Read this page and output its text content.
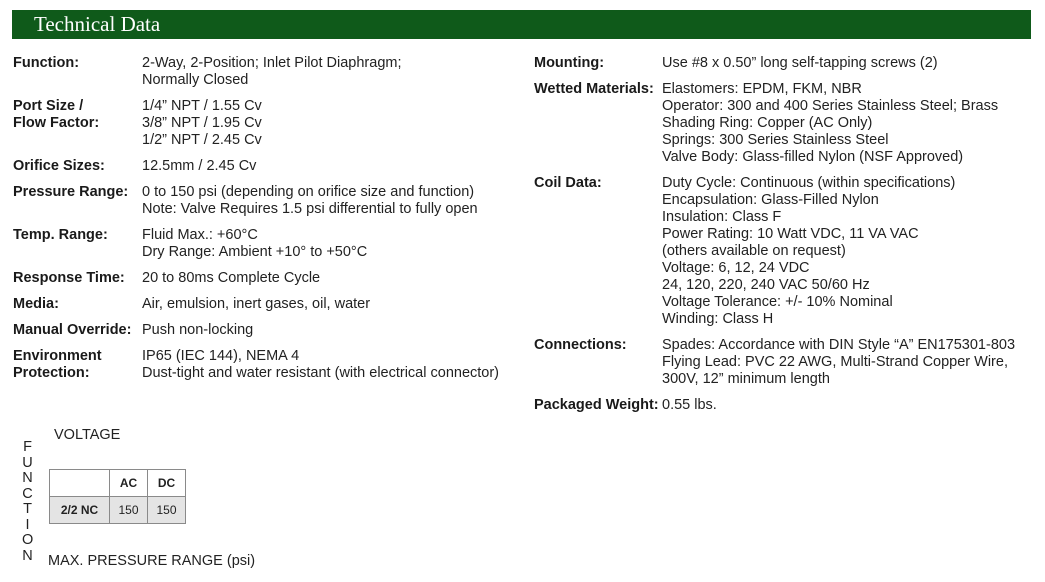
Technical Data
Function:	2-Way, 2-Position; Inlet Pilot Diaphragm;
Normally Closed
Port Size /
Flow Factor:
1/4” NPT / 1.55 Cv
3/8” NPT / 1.95 Cv
1/2” NPT / 2.45 Cv
Orifice Sizes:	12.5mm / 2.45 Cv
Pressure Range: 0 to 150 psi (depending on orifice size and function)
Note: Valve Requires 1.5 psi differential to fully open
Temp. Range:	Fluid Max.: +60°C
Dry Range: Ambient +10° to +50°C
Response Time:	20 to 80ms Complete Cycle
Media:	Air, emulsion, inert gases, oil, water
Manual Override: Push non-locking
Environment
Protection:
IP65 (IEC 144), NEMA 4
Dust-tight and water resistant (with electrical connector)
Mounting:	Use #8 x 0.50” long self-tapping screws (2)
Wetted Materials: Elastomers: EPDM, FKM, NBR
Operator: 300 and 400 Series Stainless Steel; Brass
Shading Ring: Copper (AC Only)
Springs: 300 Series Stainless Steel
Valve Body: Glass-filled Nylon (NSF Approved)
Coil Data:	Duty Cycle: Continuous (within specifications)
Encapsulation: Glass-Filled Nylon
Insulation: Class F
Power Rating: 10 Watt VDC, 11 VA VAC
(others available on request)
Voltage: 6, 12, 24 VDC
24, 120, 220, 240 VAC 50/60 Hz
Voltage Tolerance: +/- 10% Nominal
Winding: Class H
Connections:	Spades: Accordance with DIN Style “A” EN175301-803
Flying Lead: PVC 22 AWG, Multi-Strand Copper Wire,
300V, 12” minimum length
Packaged Weight: 0.55 lbs.
VOLTAGE
FUNCTION
	AC	DC
2/2 NC	150	150
MAX. PRESSURE RANGE (psi)
